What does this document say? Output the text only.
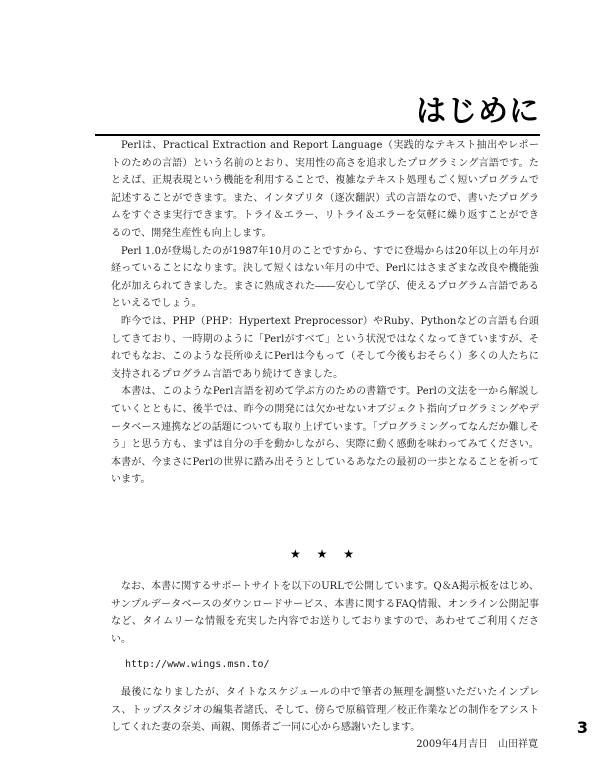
はじめに

Perlは、Practical Extraction and Report Language（実践的なテキスト抽出やレポートのための言語）という名前のとおり、実用性の高さを追求したプログラミング言語です。たとえば、正規表現という機能を利用することで、複雑なテキスト処理もごく短いプログラムで記述することができます。また、インタプリタ（逐次翻訳）式の言語なので、書いたプログラムをすぐさま実行できます。トライ＆エラー、リトライ＆エラーを気軽に繰り返すことができるので、開発生産性も向上します。

Perl 1.0が登場したのが1987年10月のことですから、すでに登場からは20年以上の年月が経っていることになります。決して短くはない年月の中で、Perlにはさまざまな改良や機能強化が加えられてきました。まさに熟成された――安心して学び、使えるプログラム言語であるといえるでしょう。

昨今では、PHP（PHP：Hypertext Preprocessor）やRuby、Pythonなどの言語も台頭してきており、一時期のように「Perlがすべて」という状況ではなくなってきていますが、それでもなお、このような長所ゆえにPerlは今もって（そして今後もおそらく）多くの人たちに支持されるプログラム言語であり続けてきました。

本書は、このようなPerl言語を初めて学ぶ方のための書籍です。Perlの文法を一から解説していくとともに、後半では、昨今の開発には欠かせないオブジェクト指向プログラミングやデータベース連携などの話題についても取り上げています。「プログラミングってなんだか難しそう」と思う方も、まずは自分の手を動かしながら、実際に動く感動を味わってみてください。本書が、今まさにPerlの世界に踏み出そうとしているあなたの最初の一歩となることを祈っています。

★ ★ ★

なお、本書に関するサポートサイトを以下のURLで公開しています。Q＆A掲示板をはじめ、サンプルデータベースのダウンロードサービス、本書に関するFAQ情報、オンライン公開記事など、タイムリーな情報を充実した内容でお送りしておりますので、あわせてご利用ください。

http://www.wings.msn.to/

最後になりましたが、タイトなスケジュールの中で筆者の無理を調整いただいたインプレス、トップスタジオの編集者諸氏、そして、傍らで原稿管理／校正作業などの制作をアシストしてくれた妻の奈美、両親、関係者ご一同に心から感謝いたします。

2009年4月吉日　山田祥寛
3
